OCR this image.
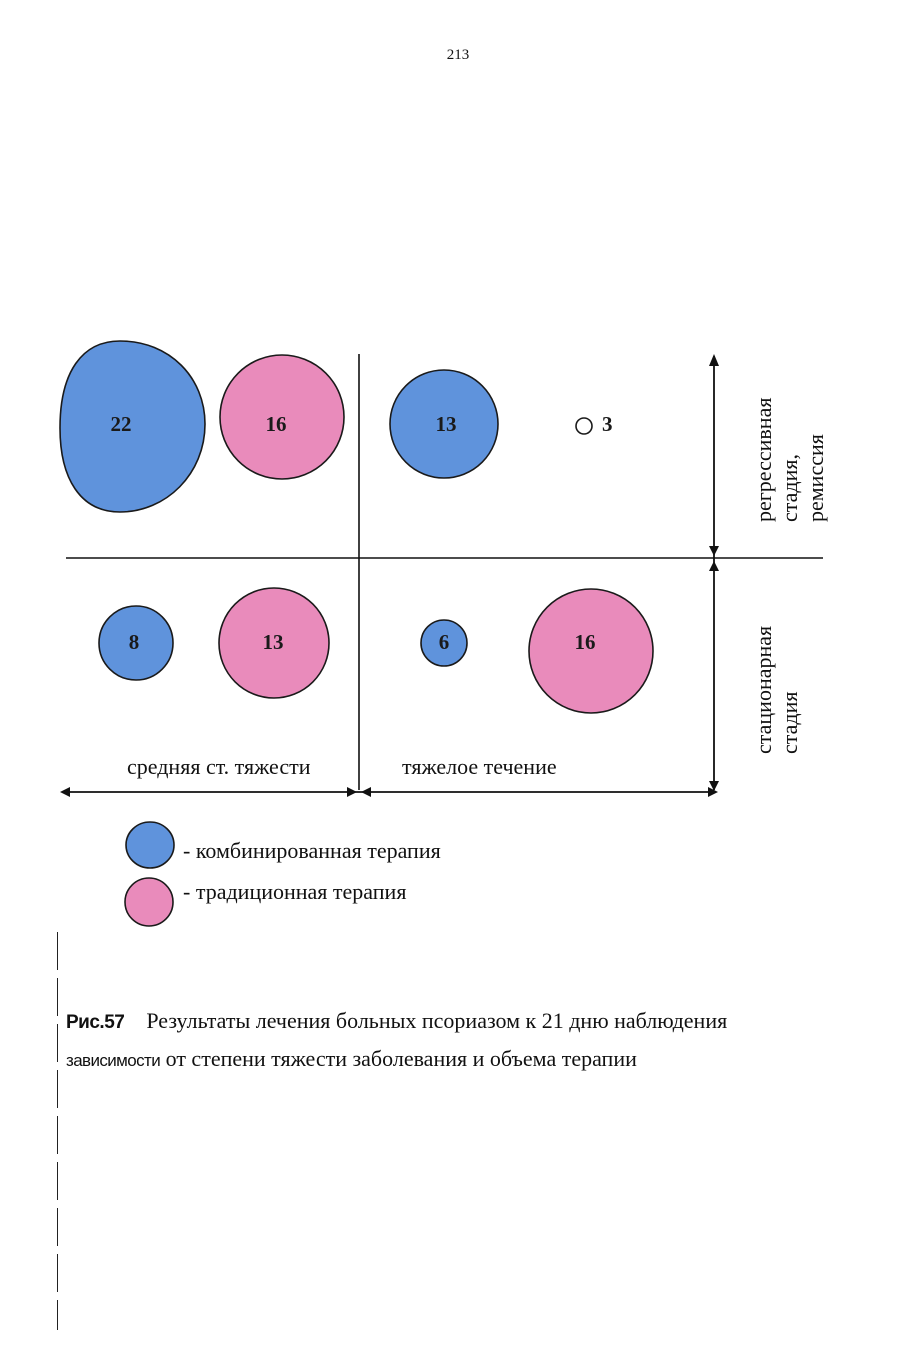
213
22	16	13	3
8	13	6	16
средняя ст. тяжести	тяжелое течение
регрессивная стадия, ремиссия
стационарная стадия
- комбинированная терапия
- традиционная терапия
Рис.57 Результаты лечения больных псориазом к 21 дню наблюдения
зависимости от степени тяжести заболевания и объема терапии
